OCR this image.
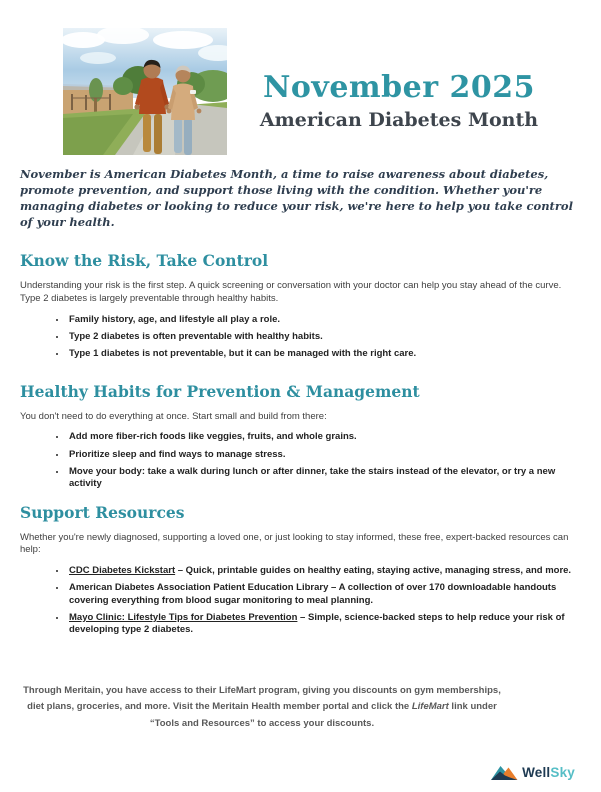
November 2025
American Diabetes Month

November is American Diabetes Month, a time to raise awareness about diabetes, promote prevention, and support those living with the condition. Whether you're managing diabetes or looking to reduce your risk, we're here to help you take control of your health.

Know the Risk, Take Control

Understanding your risk is the first step. A quick screening or conversation with your doctor can help you stay ahead of the curve. Type 2 diabetes is largely preventable through healthy habits.

• Family history, age, and lifestyle all play a role.
• Type 2 diabetes is often preventable with healthy habits.
• Type 1 diabetes is not preventable, but it can be managed with the right care.
Healthy Habits for Prevention & Management

You don't need to do everything at once. Start small and build from there:

• Add more fiber-rich foods like veggies, fruits, and whole grains.
• Prioritize sleep and find ways to manage stress.
• Move your body: take a walk during lunch or after dinner, take the stairs instead of the elevator, or try a new activity
Support Resources

Whether you're newly diagnosed, supporting a loved one, or just looking to stay informed, these free, expert-backed resources can help:

• CDC Diabetes Kickstart – Quick, printable guides on healthy eating, staying active, managing stress, and more.
• American Diabetes Association Patient Education Library – A collection of over 170 downloadable handouts covering everything from blood sugar monitoring to meal planning.
• Mayo Clinic: Lifestyle Tips for Diabetes Prevention – Simple, science-backed steps to help reduce your risk of developing type 2 diabetes.

Through Meritain, you have access to their LifeMart program, giving you discounts on gym memberships, diet plans, groceries, and more. Visit the Meritain Health member portal and click the LifeMart link under “Tools and Resources” to access your discounts.

WellSky
